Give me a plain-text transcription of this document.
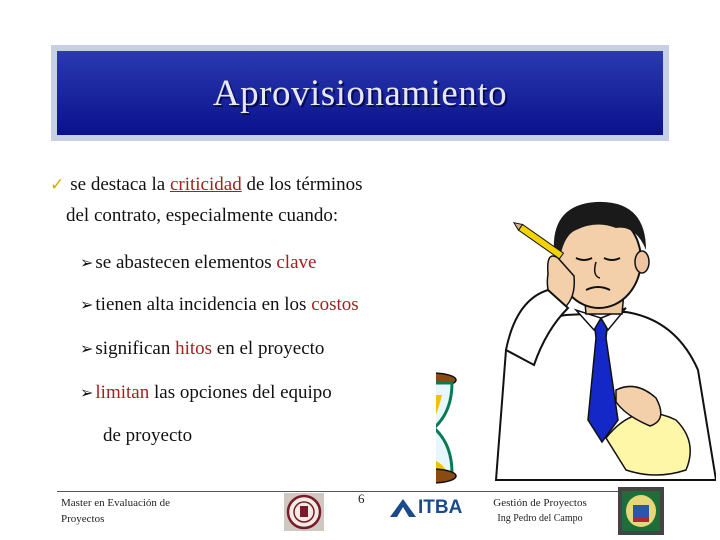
Aprovisionamiento
✓ se destaca la criticidad de los términos
del contrato, especialmente cuando:
➢ se abastecen elementos clave
➢ tienen alta incidencia en los costos
➢ significan hitos en el proyecto
➢ limitan las opciones del equipo
de proyecto
Master en Evaluación de
Proyectos
6	ITBA	Gestión de Proyectos
Ing Pedro del Campo
